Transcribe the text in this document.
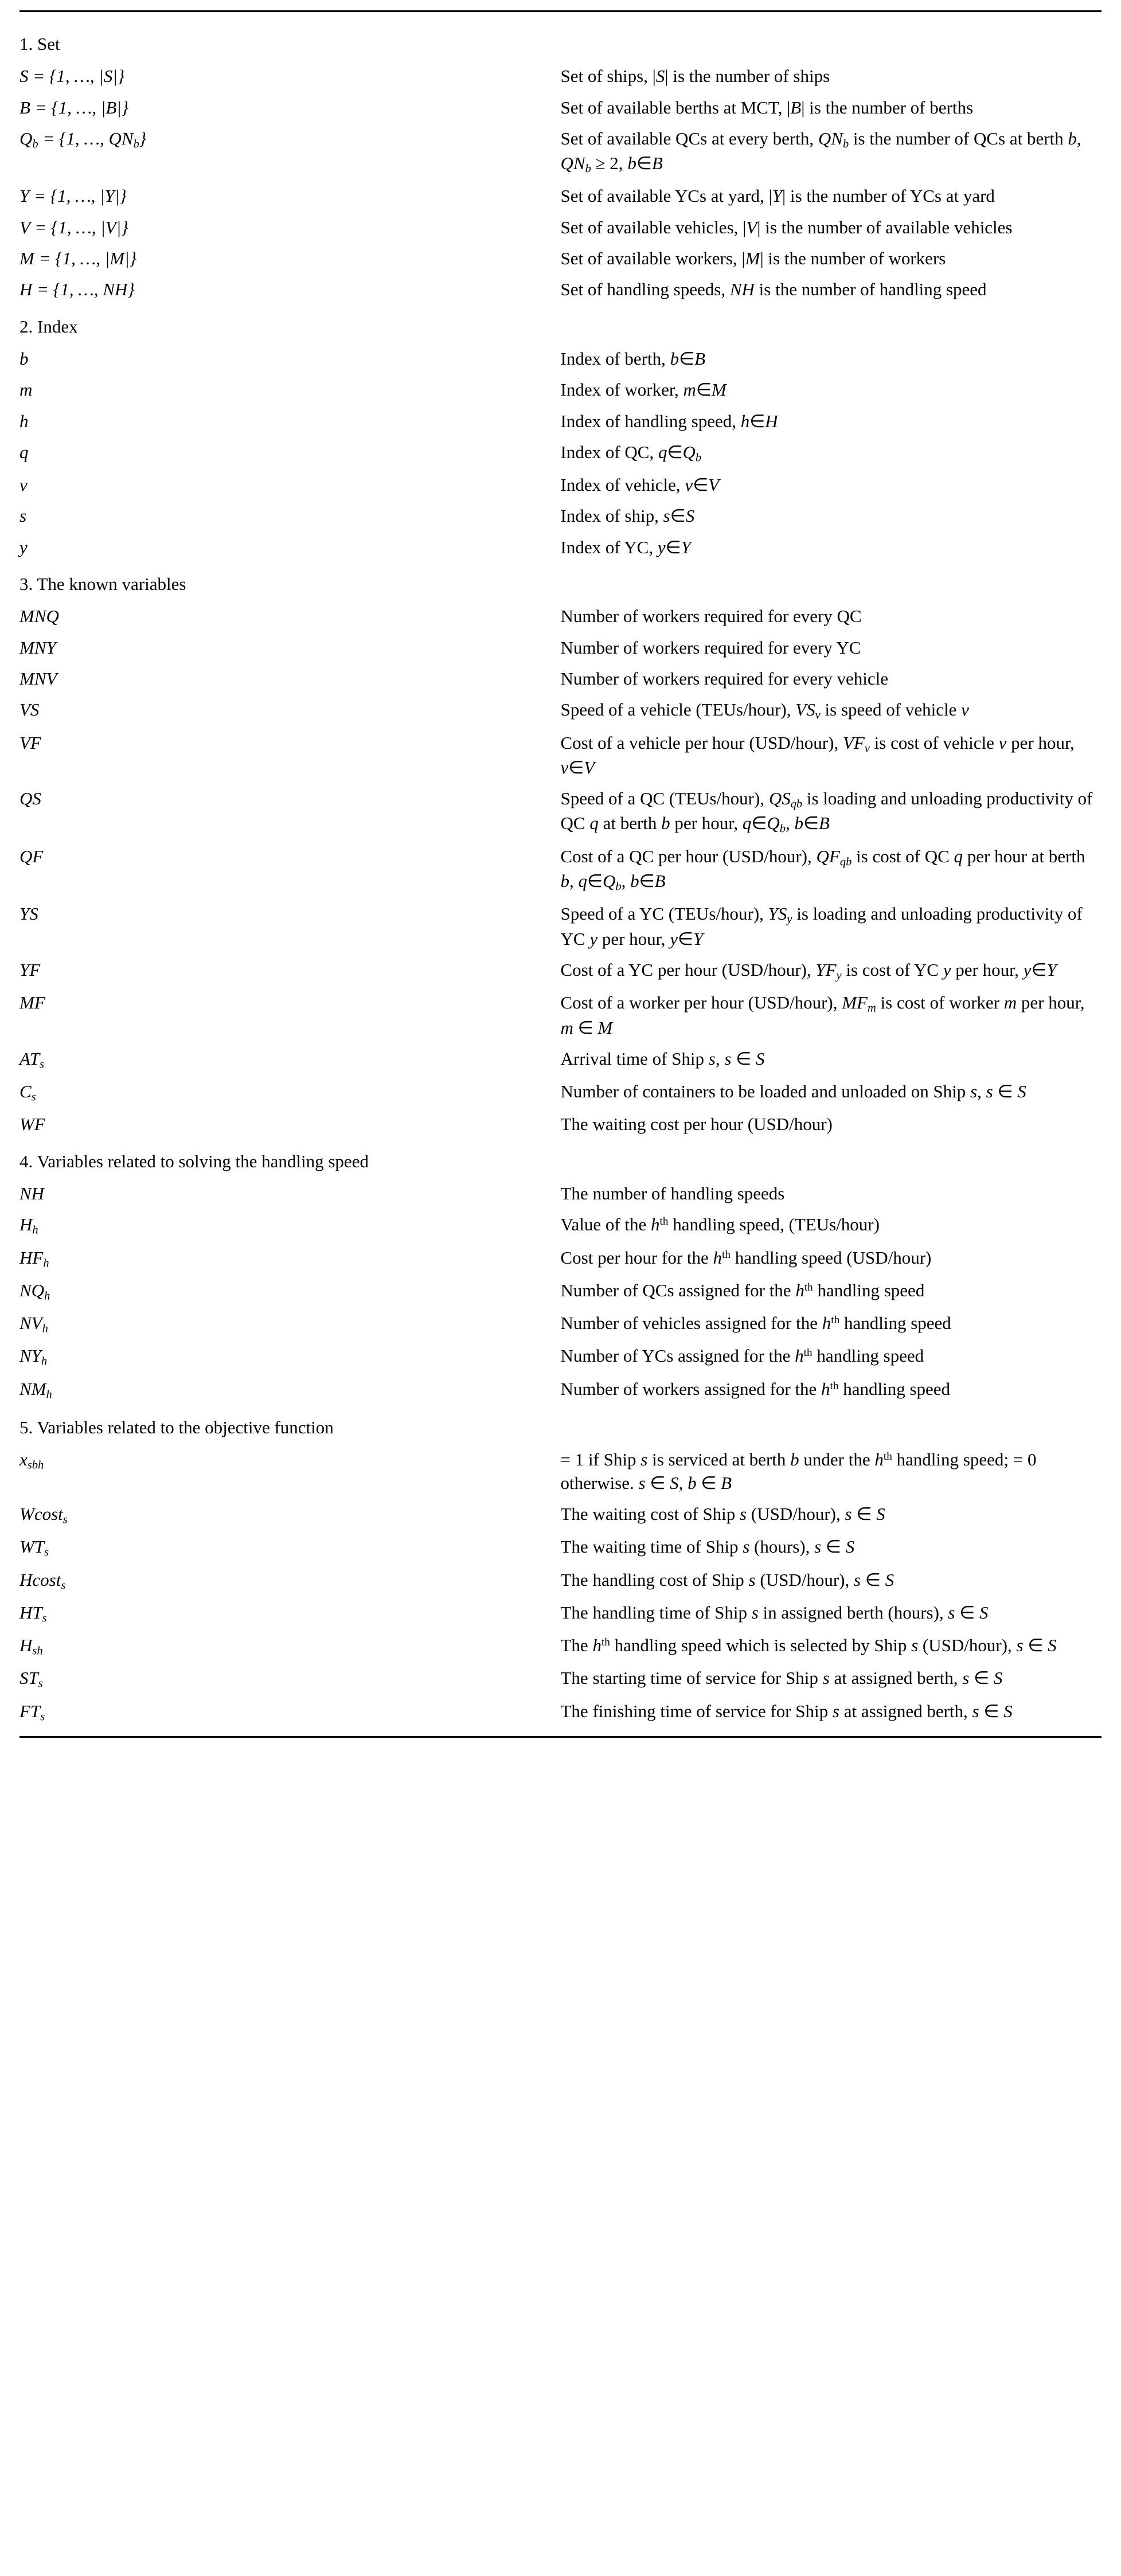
1. Set	
S = {1, …, |S|}	Set of ships, |S| is the number of ships
B = {1, …, |B|}	Set of available berths at MCT, |B| is the number of berths
$Q_b = \{1$, …, $QN_b$}	Set of available QCs at every berth, $QN_b$ is the number of QCs at berth b, $QN_b \ge 2$, b∈B
Y = {1, …, |Y|}	Set of available YCs at yard, |Y| is the number of YCs at yard
V = {1, …, |V|}	Set of available vehicles, |V| is the number of available vehicles
M = {1, …, |M|}	Set of available workers, |M| is the number of workers
H = {1, …, NH}	Set of handling speeds, NH is the number of handling speed
2. Index	
b	Index of berth, b∈B
m	Index of worker, m∈M
h	Index of handling speed, h∈H
q	Index of QC, $q\in Q_b$
v	Index of vehicle, v∈V
s	Index of ship, s∈S
y	Index of YC, y∈Y
3. The known variables	
MNQ	Number of workers required for every QC
MNY	Number of workers required for every YC
MNV	Number of workers required for every vehicle
VS	Speed of a vehicle (TEUs/hour), $VS_v$ is speed of vehicle v
VF	Cost of a vehicle per hour (USD/hour), $VF_v$ is cost of vehicle v per hour, v∈V
QS	Speed of a QC (TEUs/hour), $QS_{qb}$ is loading and unloading productivity of QC q at berth b per hour, $q\in Q_b$, b∈B
QF	Cost of a QC per hour (USD/hour), $QF_{qb}$ is cost of QC q per hour at berth b, $q\in Q_b$, b∈B
YS	Speed of a YC (TEUs/hour), $YS_y$ is loading and unloading productivity of YC y per hour, y∈Y
YF	Cost of a YC per hour (USD/hour), $YF_y$ is cost of YC y per hour, y∈Y
MF	Cost of a worker per hour (USD/hour), $MF_m$ is cost of worker m per hour, m ∈ M
$AT_s$	Arrival time of Ship s, s ∈ S
$C_s$	Number of containers to be loaded and unloaded on Ship s, s ∈ S
WF	The waiting cost per hour (USD/hour)
4. Variables related to solving the handling speed	
NH	The number of handling speeds
$H_h$	Value of the $h^{th}$ handling speed, (TEUs/hour)
$HF_h$	Cost per hour for the $h^{th}$ handling speed (USD/hour)
$NQ_h$	Number of QCs assigned for the $h^{th}$ handling speed
$NV_h$	Number of vehicles assigned for the $h^{th}$ handling speed
$NY_h$	Number of YCs assigned for the $h^{th}$ handling speed
$NM_h$	Number of workers assigned for the $h^{th}$ handling speed
5. Variables related to the objective function	
$x_{sbh}$	= 1 if Ship s is serviced at berth b under the $h^{th}$ handling speed; = 0 otherwise. s ∈ S, b ∈ B
Wcost$_s$	The waiting cost of Ship s (USD/hour), s ∈ S
$WT_s$	The waiting time of Ship s (hours), s ∈ S
Hcost$_s$	The handling cost of Ship s (USD/hour), s ∈ S
$HT_s$	The handling time of Ship s in assigned berth (hours), s ∈ S
$H_{sh}$	The $h^{th}$ handling speed which is selected by Ship s (USD/hour), s ∈ S
$ST_s$	The starting time of service for Ship s at assigned berth, s ∈ S
$FT_s$	The finishing time of service for Ship s at assigned berth, s ∈ S
